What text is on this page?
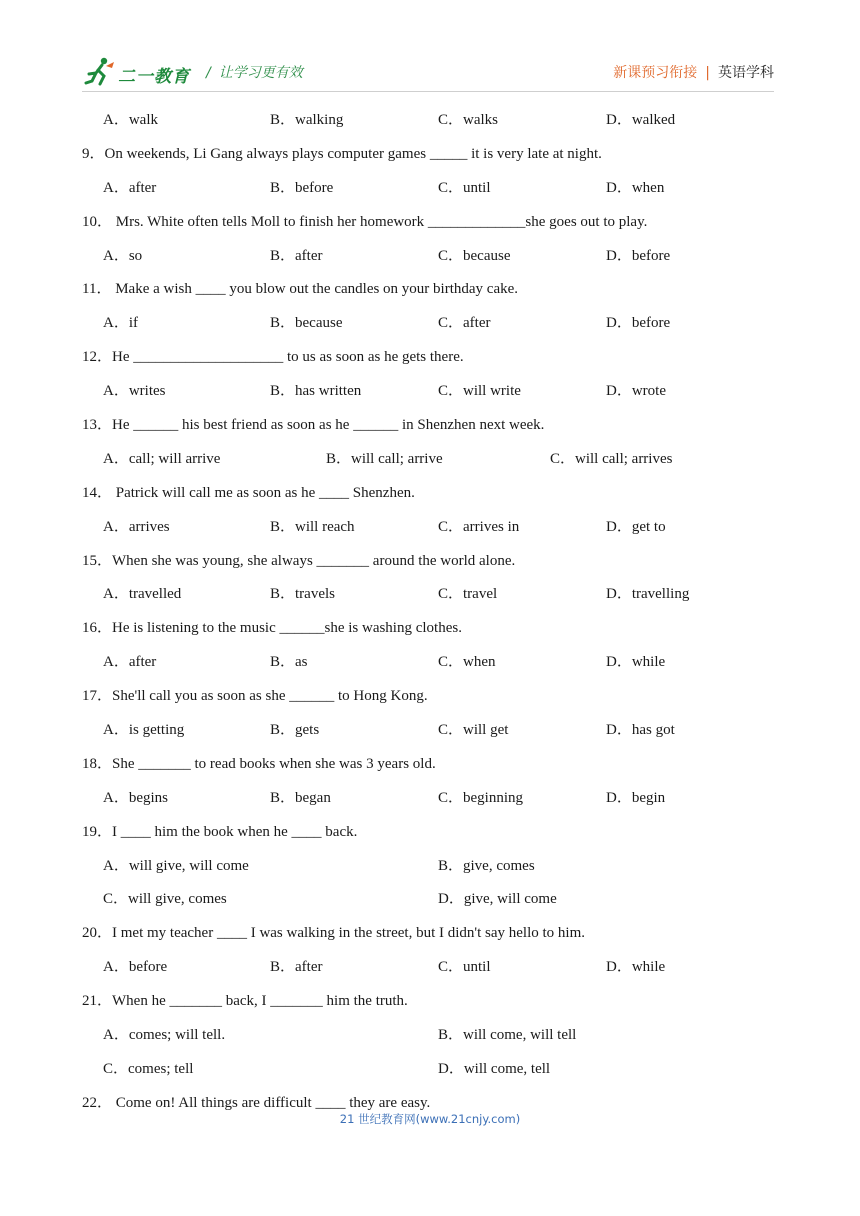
二一教育 / 让学习更有效	新课预习衔接 | 英语学科
A．walk	B．walking	C．walks	D．walked
9．On weekends, Li Gang always plays computer games _____ it is very late at night.
A．after	B．before	C．until	D．when
10． Mrs. White often tells Moll to finish her homework _____________she goes out to play.
A．so	B．after	C．because	D．before
11． Make a wish ____ you blow out the candles on your birthday cake.
A．if	B．because	C．after	D．before
12．He ____________________ to us as soon as he gets there.
A．writes	B．has written	C．will write	D．wrote
13．He ______ his best friend as soon as he ______ in Shenzhen next week.
A．call; will arrive	B．will call; arrive	C．will call; arrives
14． Patrick will call me as soon as he ____ Shenzhen.
A．arrives	B．will reach	C．arrives in	D．get to
15．When she was young, she always _______ around the world alone.
A．travelled	B．travels	C．travel	D．travelling
16．He is listening to the music ______she is washing clothes.
A．after	B．as	C．when	D．while
17．She'll call you as soon as she ______ to Hong Kong.
A．is getting	B．gets	C．will get	D．has got
18．She _______ to read books when she was 3 years old.
A．begins	B．began	C．beginning	D．begin
19．I ____ him the book when he ____ back.
A．will give, will come	B．give, comes
C．will give, comes	D．give, will come
20．I met my teacher ____ I was walking in the street, but I didn't say hello to him.
A．before	B．after	C．until	D．while
21．When he _______ back, I _______ him the truth.
A．comes; will tell.	B．will come, will tell
C．comes; tell	D．will come, tell
22． Come on! All things are difficult ____ they are easy.
21 世纪教育网(www.21cnjy.com)
